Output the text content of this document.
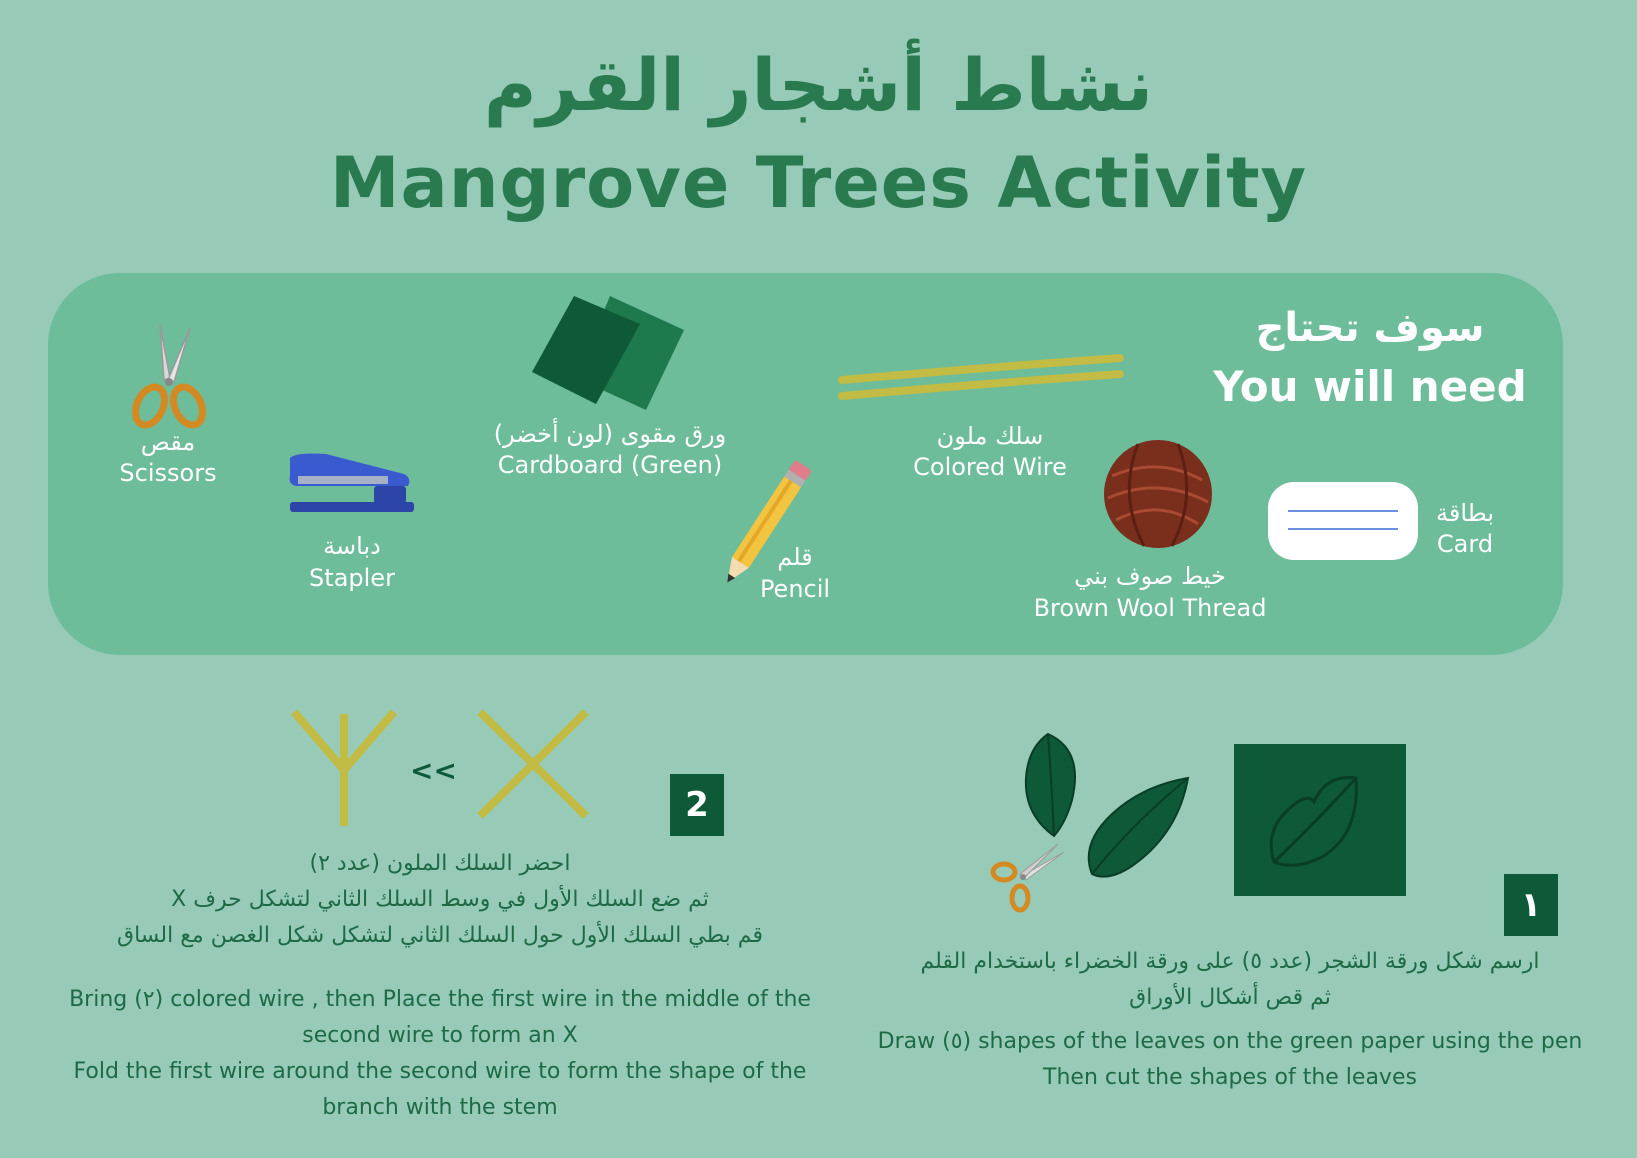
نشاط أشجار القرم
Mangrove Trees Activity
سوف تحتاج
You will need
مقص
Scissors
دباسة
Stapler
ورق مقوى (لون أخضر)
Cardboard (Green)
قلم
Pencil
سلك ملون
Colored Wire
خيط صوف بني
Brown Wool Thread
بطاقة
Card
<<
2
احضر السلك الملون (عدد ٢)
ثم ضع السلك الأول في وسط السلك الثاني لتشكل حرف X
قم بطي السلك الأول حول السلك الثاني لتشكل شكل الغصن مع الساق
Bring (٢) colored wire , then Place the first wire in the middle of the
second wire to form an X
Fold the first wire around the second wire to form the shape of the
branch with the stem
١
ارسم شكل ورقة الشجر (عدد ٥) على ورقة الخضراء باستخدام القلم
ثم قص أشكال الأوراق
Draw (٥) shapes of the leaves on the green paper using the pen
Then cut the shapes of the leaves
